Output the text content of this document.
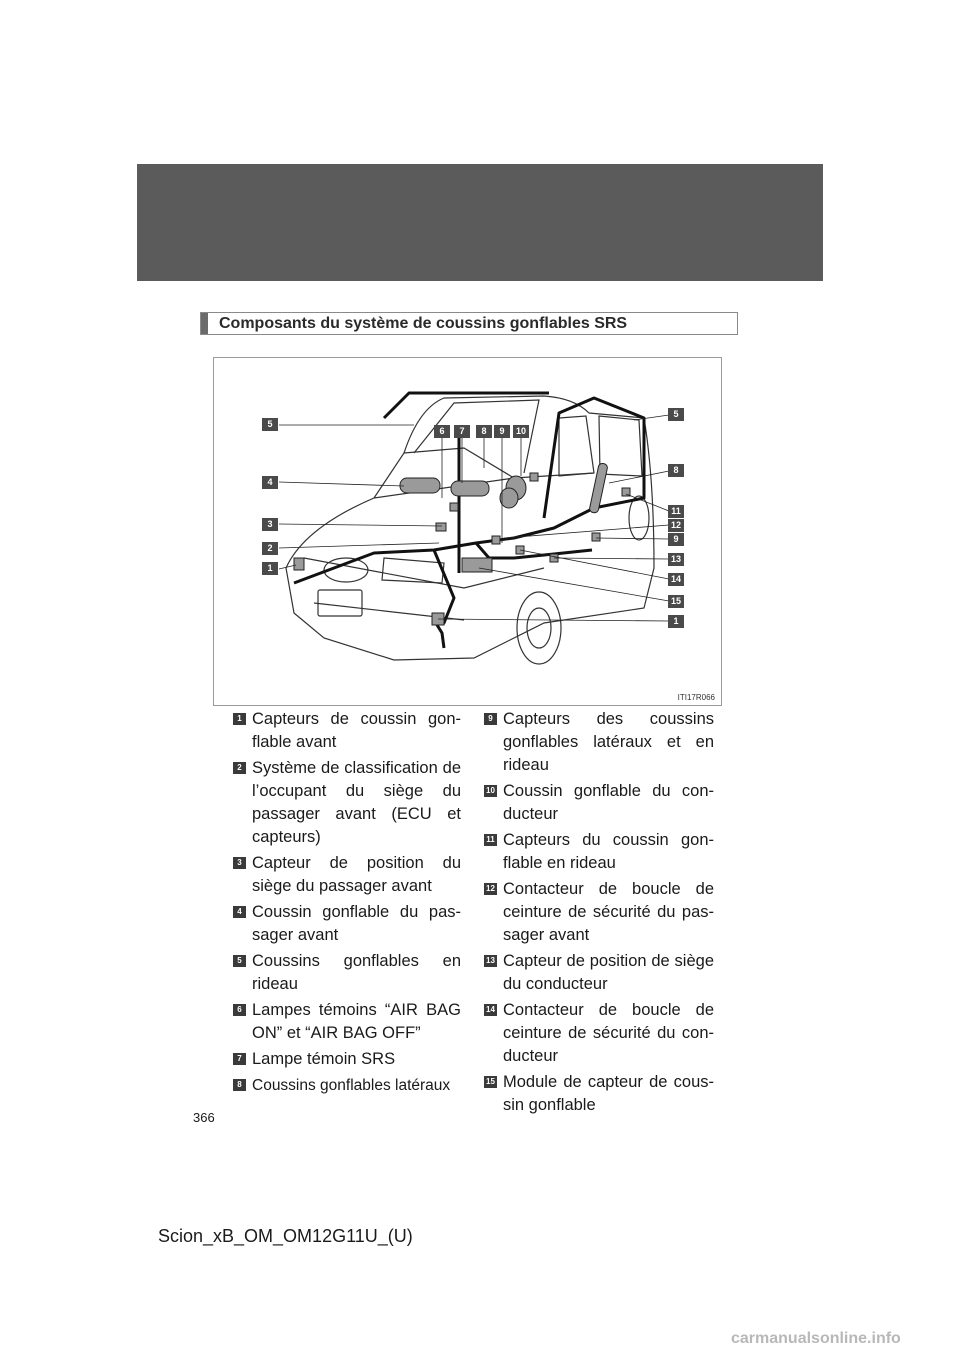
Composants du système de coussins gonflables SRS
5
4
3
2
1
6	7	8	9	10
5
8
11
12
9
13
14
15
1
ITI17R066
1 Capteurs de coussin gon-flable avant
2 Système de classification de l’occupant du siège du passager avant (ECU et capteurs)
3 Capteur de position du siège du passager avant
4 Coussin gonflable du pas-sager avant
5 Coussins gonflables en rideau
6 Lampes témoins “AIR BAG ON” et “AIR BAG OFF”
7 Lampe témoin SRS
8 Coussins gonflables latéraux
9 Capteurs des coussins gonflables latéraux et en rideau
10 Coussin gonflable du con-ducteur
11 Capteurs du coussin gon-flable en rideau
12 Contacteur de boucle de ceinture de sécurité du pas-sager avant
13 Capteur de position de siège du conducteur
14 Contacteur de boucle de ceinture de sécurité du con-ducteur
15 Module de capteur de cous-sin gonflable
366
Scion_xB_OM_OM12G11U_(U)
carmanualsonline.info
